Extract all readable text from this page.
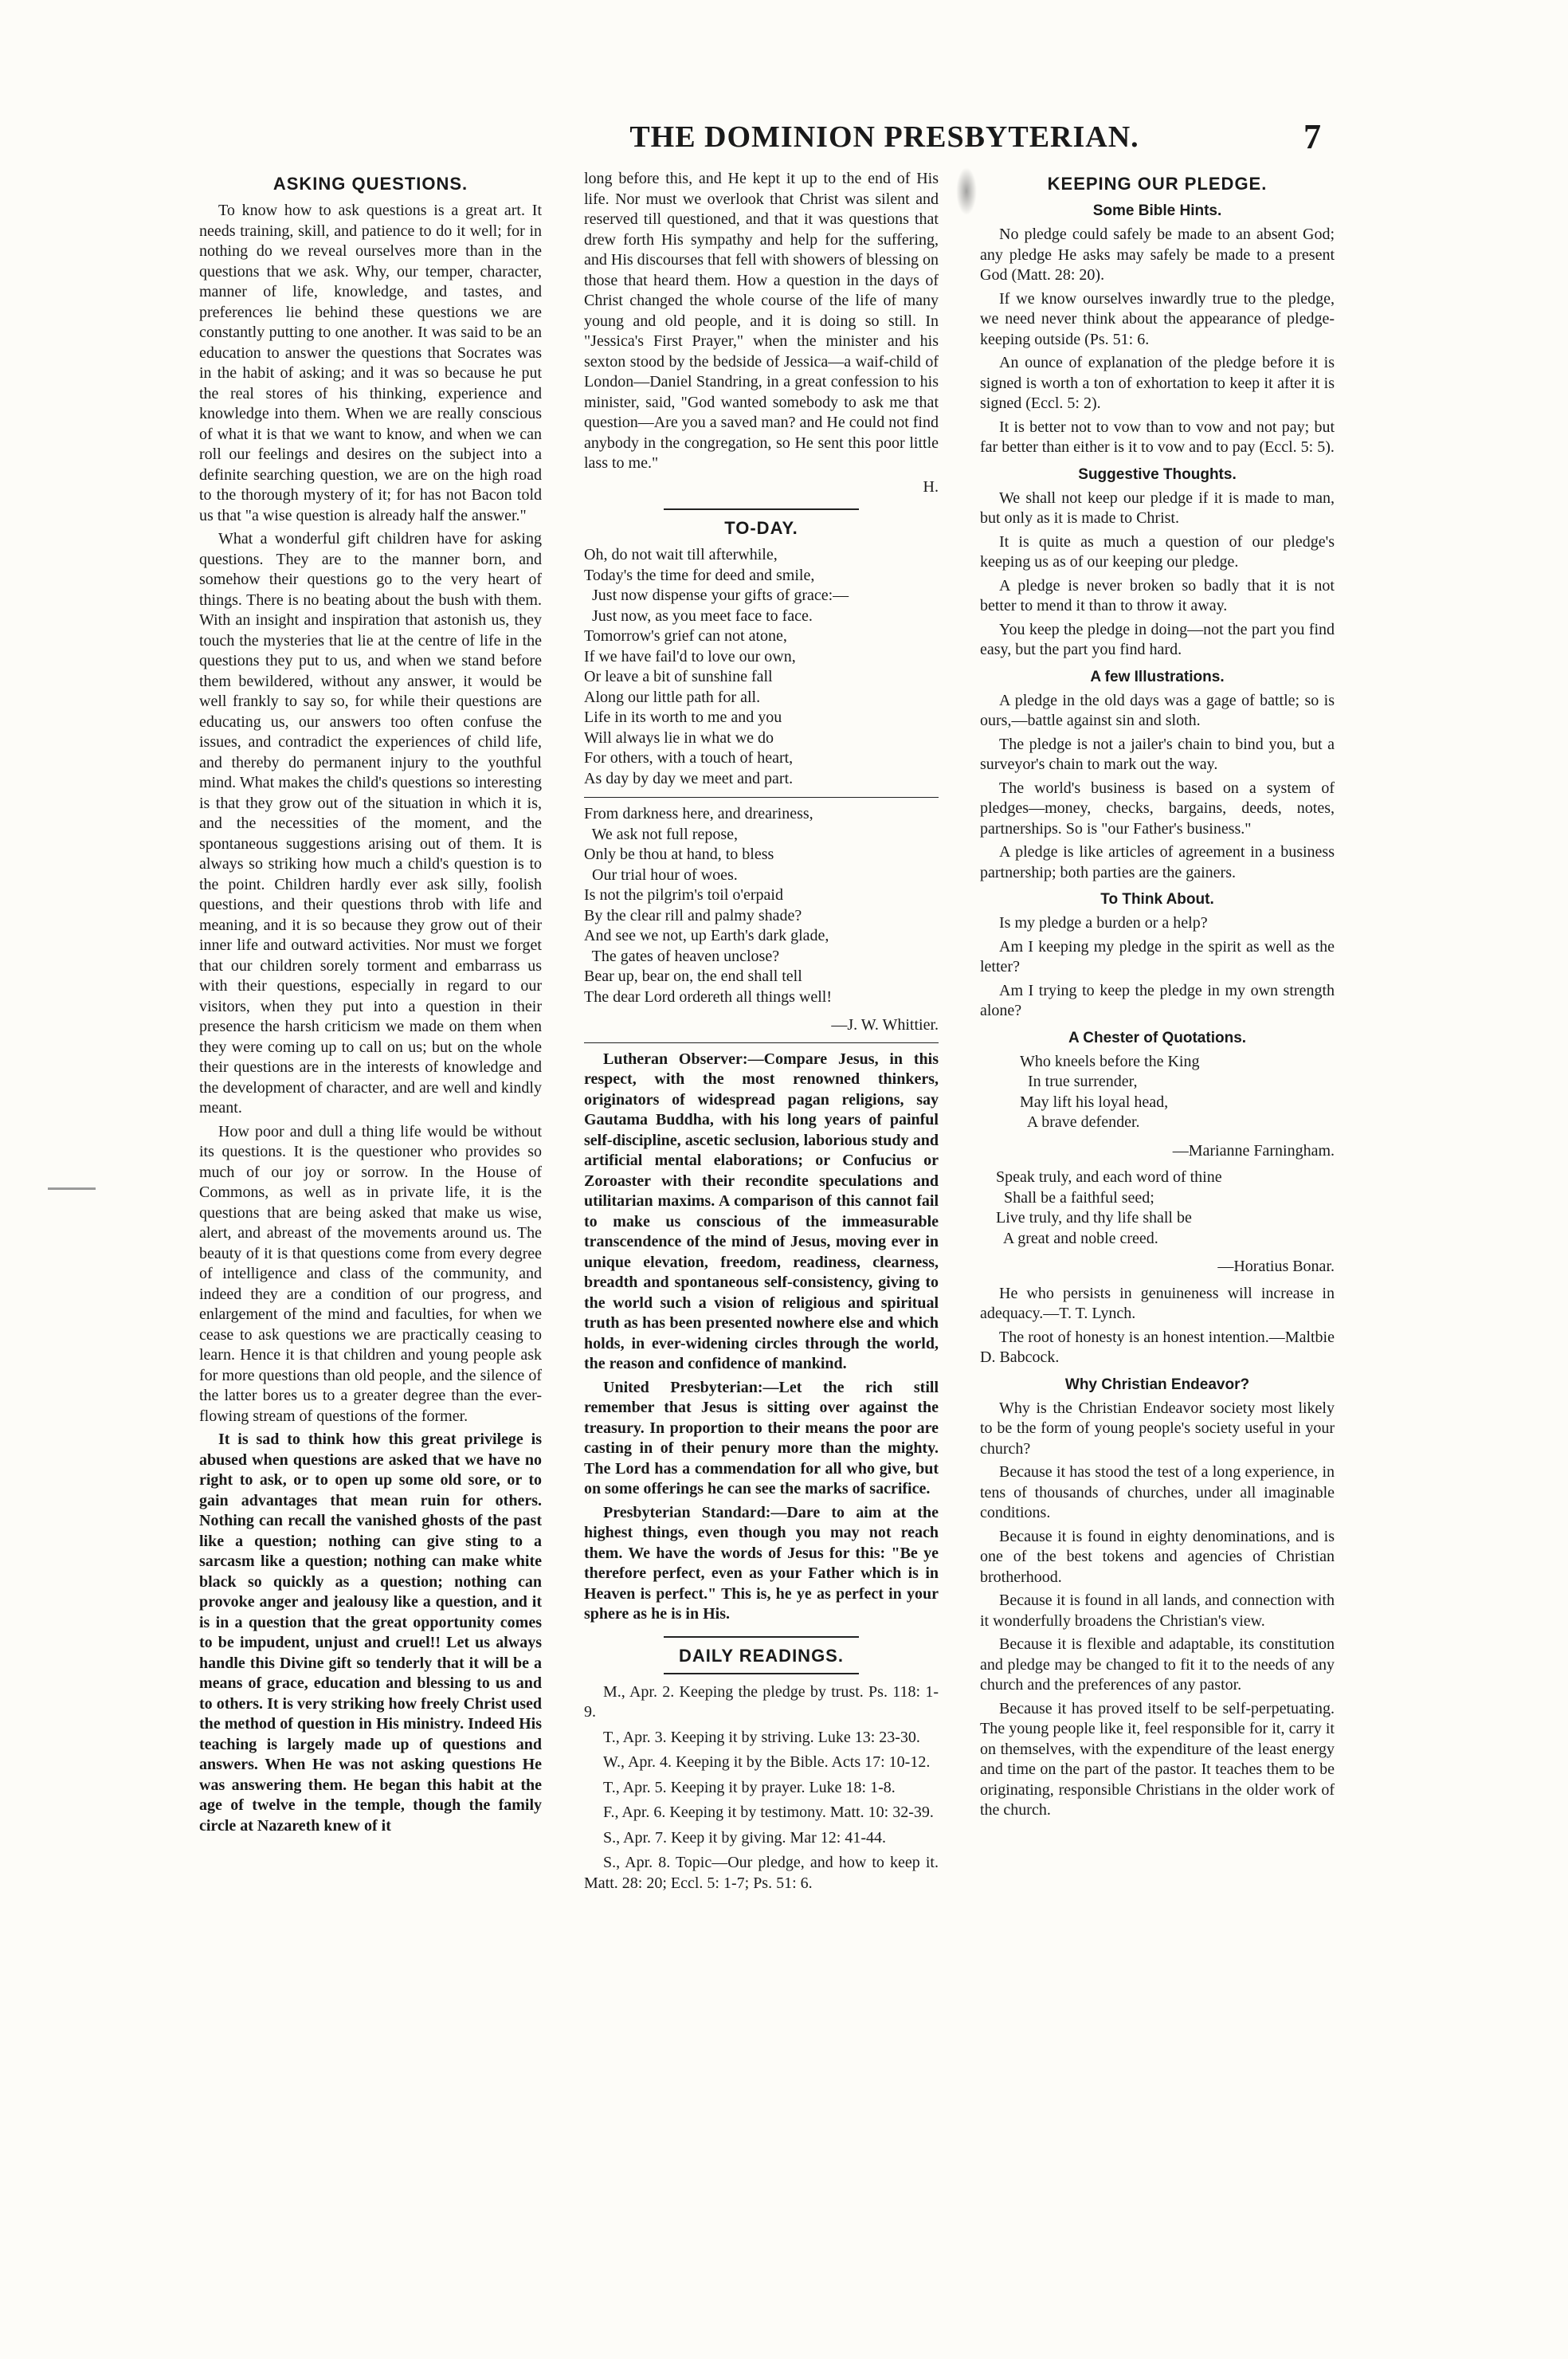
THE DOMINION PRESBYTERIAN.	7
ASKING QUESTIONS.

To know how to ask questions is a great art. It needs training, skill, and patience to do it well; for in nothing do we reveal ourselves more than in the questions that we ask. Why, our temper, character, manner of life, knowledge, and tastes, and preferences lie behind these questions we are constantly putting to one another. It was said to be an education to answer the questions that Socrates was in the habit of asking; and it was so because he put the real stores of his thinking, experience and knowledge into them. When we are really conscious of what it is that we want to know, and when we can roll our feelings and desires on the subject into a definite searching question, we are on the high road to the thorough mystery of it; for has not Bacon told us that "a wise question is already half the answer."

What a wonderful gift children have for asking questions. They are to the manner born, and somehow their questions go to the very heart of things. There is no beating about the bush with them. With an insight and inspiration that astonish us, they touch the mysteries that lie at the centre of life in the questions they put to us, and when we stand before them bewildered, without any answer, it would be well frankly to say so, for while their questions are educating us, our answers too often confuse the issues, and contradict the experiences of child life, and thereby do permanent injury to the youthful mind. What makes the child's questions so interesting is that they grow out of the situation in which it is, and the necessities of the moment, and the spontaneous suggestions arising out of them. It is always so striking how much a child's question is to the point. Children hardly ever ask silly, foolish questions, and their questions throb with life and meaning, and it is so because they grow out of their inner life and outward activities. Nor must we forget that our children sorely torment and embarrass us with their questions, especially in regard to our visitors, when they put into a question in their presence the harsh criticism we made on them when they were coming up to call on us; but on the whole their questions are in the interests of knowledge and the development of character, and are well and kindly meant.

How poor and dull a thing life would be without its questions. It is the questioner who provides so much of our joy or sorrow. In the House of Commons, as well as in private life, it is the questions that are being asked that make us wise, alert, and abreast of the movements around us. The beauty of it is that questions come from every degree of intelligence and class of the community, and indeed they are a condition of our progress, and enlargement of the mind and faculties, for when we cease to ask questions we are practically ceasing to learn. Hence it is that children and young people ask for more questions than old people, and the silence of the latter bores us to a greater degree than the ever-flowing stream of questions of the former.

It is sad to think how this great privilege is abused when questions are asked that we have no right to ask, or to open up some old sore, or to gain advantages that mean ruin for others. Nothing can recall the vanished ghosts of the past like a question; nothing can give sting to a sarcasm like a question; nothing can make white black so quickly as a question; nothing can provoke anger and jealousy like a question, and it is in a question that the great opportunity comes to be impudent, unjust and cruel!! Let us always handle this Divine gift so tenderly that it will be a means of grace, education and blessing to us and to others. It is very striking how freely Christ used the method of question in His ministry. Indeed His teaching is largely made up of questions and answers. When He was not asking questions He was answering them. He began this habit at the age of twelve in the temple, though the family circle at Nazareth knew of it

long before this, and He kept it up to the end of His life. Nor must we overlook that Christ was silent and reserved till questioned, and that it was questions that drew forth His sympathy and help for the suffering, and His discourses that fell with showers of blessing on those that heard them. How a question in the days of Christ changed the whole course of the life of many young and old people, and it is doing so still. In "Jessica's First Prayer," when the minister and his sexton stood by the bedside of Jessica—a waif-child of London—Daniel Standring, in a great confession to his minister, said, "God wanted somebody to ask me that question—Are you a saved man? and He could not find anybody in the congregation, so He sent this poor little lass to me."

H.
TO-DAY.
Oh, do not wait till afterwhile,
Today's the time for deed and smile,
Just now dispense your gifts of grace:—
Just now, as you meet face to face.
Tomorrow's grief can not atone,
If we have fail'd to love our own,
Or leave a bit of sunshine fall
Along our little path for all.
Life in its worth to me and you
Will always lie in what we do
For others, with a touch of heart,
As day by day we meet and part.
From darkness here, and dreariness,
We ask not full repose,
Only be thou at hand, to bless
Our trial hour of woes.
Is not the pilgrim's toil o'erpaid
By the clear rill and palmy shade?
And see we not, up Earth's dark glade,
The gates of heaven unclose?
Bear up, bear on, the end shall tell
The dear Lord ordereth all things well!
—J. W. Whittier.

Lutheran Observer:—Compare Jesus, in this respect, with the most renowned thinkers, originators of widespread pagan religions, say Gautama Buddha, with his long years of painful self-discipline, ascetic seclusion, laborious study and artificial mental elaborations; or Confucius or Zoroaster with their recondite speculations and utilitarian maxims. A comparison of this cannot fail to make us conscious of the immeasurable transcendence of the mind of Jesus, moving ever in unique elevation, freedom, readiness, clearness, breadth and spontaneous self-consistency, giving to the world such a vision of religious and spiritual truth as has been presented nowhere else and which holds, in ever-widening circles through the world, the reason and confidence of mankind.

United Presbyterian:—Let the rich still remember that Jesus is sitting over against the treasury. In proportion to their means the poor are casting in of their penury more than the mighty. The Lord has a commendation for all who give, but on some offerings he can see the marks of sacrifice.

Presbyterian Standard:—Dare to aim at the highest things, even though you may not reach them. We have the words of Jesus for this: "Be ye therefore perfect, even as your Father which is in Heaven is perfect." This is, he ye as perfect in your sphere as he is in His.

DAILY READINGS.
M., Apr. 2. Keeping the pledge by trust. Ps. 118: 1-9.
T., Apr. 3. Keeping it by striving. Luke 13: 23-30.
W., Apr. 4. Keeping it by the Bible. Acts 17: 10-12.
T., Apr. 5. Keeping it by prayer. Luke 18: 1-8.
F., Apr. 6. Keeping it by testimony. Matt. 10: 32-39.
S., Apr. 7. Keep it by giving. Mar 12: 41-44.
S., Apr. 8. Topic—Our pledge, and how to keep it. Matt. 28: 20; Eccl. 5: 1-7; Ps. 51: 6.
KEEPING OUR PLEDGE.
Some Bible Hints.

No pledge could safely be made to an absent God; any pledge He asks may safely be made to a present God (Matt. 28: 20).

If we know ourselves inwardly true to the pledge, we need never think about the appearance of pledge-keeping outside (Ps. 51: 6.

An ounce of explanation of the pledge before it is signed is worth a ton of exhortation to keep it after it is signed (Eccl. 5: 2).

It is better not to vow than to vow and not pay; but far better than either is it to vow and to pay (Eccl. 5: 5).

Suggestive Thoughts.

We shall not keep our pledge if it is made to man, but only as it is made to Christ.

It is quite as much a question of our pledge's keeping us as of our keeping our pledge.

A pledge is never broken so badly that it is not better to mend it than to throw it away.

You keep the pledge in doing—not the part you find easy, but the part you find hard.

A few Illustrations.

A pledge in the old days was a gage of battle; so is ours,—battle against sin and sloth.

The pledge is not a jailer's chain to bind you, but a surveyor's chain to mark out the way.

The world's business is based on a system of pledges—money, checks, bargains, deeds, notes, partnerships. So is "our Father's business."

A pledge is like articles of agreement in a business partnership; both parties are the gainers.

To Think About.

Is my pledge a burden or a help?

Am I keeping my pledge in the spirit as well as the letter?

Am I trying to keep the pledge in my own strength alone?

A Chester of Quotations.
Who kneels before the King
In true surrender,
May lift his loyal head,
A brave defender.
—Marianne Farningham.
Speak truly, and each word of thine
Shall be a faithful seed;
Live truly, and thy life shall be
A great and noble creed.
—Horatius Bonar.

He who persists in genuineness will increase in adequacy.—T. T. Lynch.

The root of honesty is an honest intention.—Maltbie D. Babcock.

Why Christian Endeavor?

Why is the Christian Endeavor society most likely to be the form of young people's society useful in your church?

Because it has stood the test of a long experience, in tens of thousands of churches, under all imaginable conditions.

Because it is found in eighty denominations, and is one of the best tokens and agencies of Christian brotherhood.

Because it is found in all lands, and connection with it wonderfully broadens the Christian's view.

Because it is flexible and adaptable, its constitution and pledge may be changed to fit it to the needs of any church and the preferences of any pastor.

Because it has proved itself to be self-perpetuating. The young people like it, feel responsible for it, carry it on themselves, with the expenditure of the least energy and time on the part of the pastor. It teaches them to be originating, responsible Christians in the older work of the church.
